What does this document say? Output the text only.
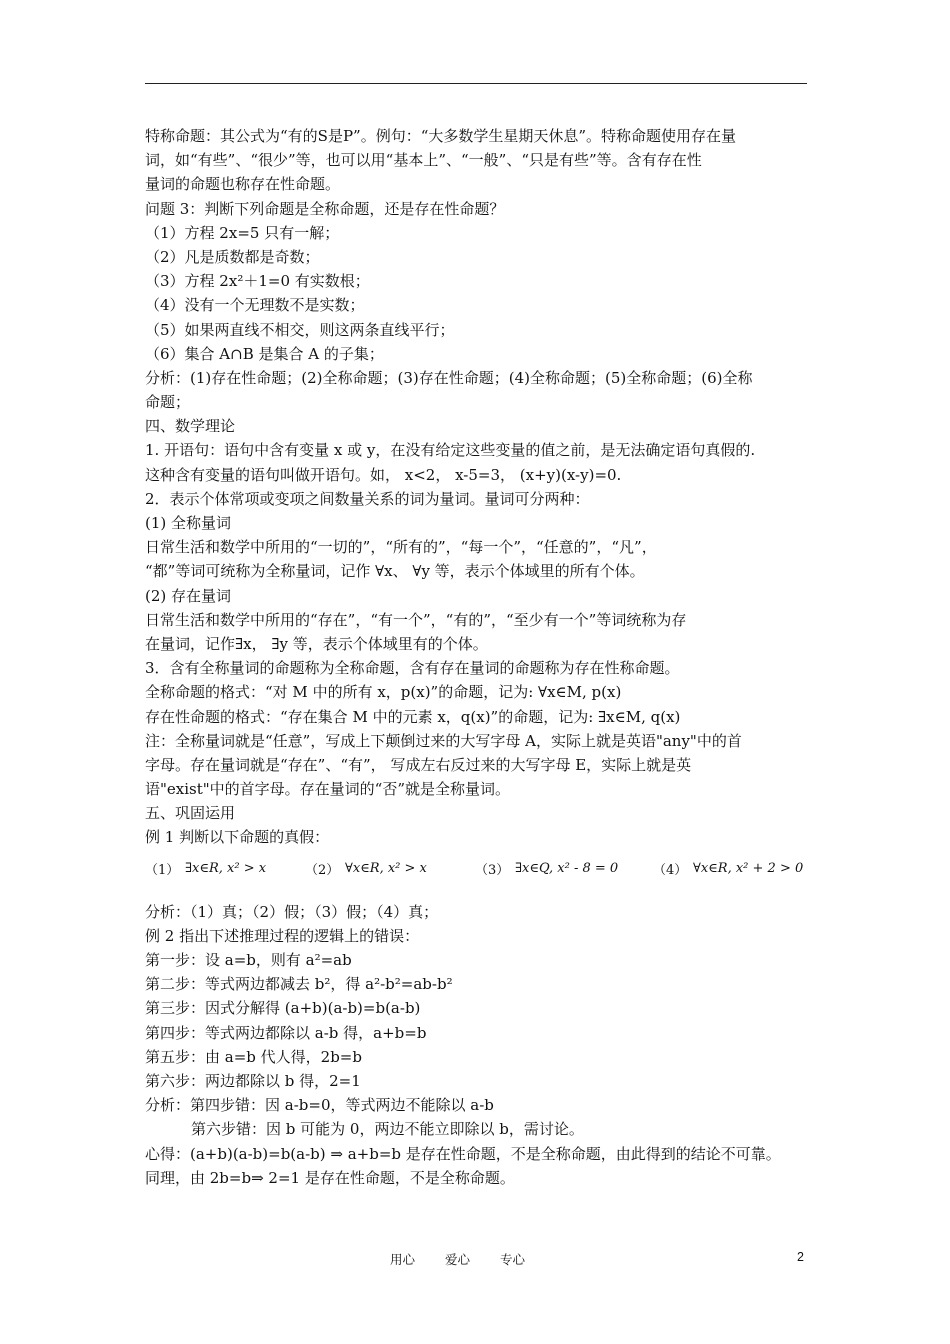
特称命题：其公式为“有的S是P”。例句：“大多数学生星期天休息”。特称命题使用存在量
词，如“有些”、“很少”等，也可以用“基本上”、“一般”、“只是有些”等。含有存在性
量词的命题也称存在性命题。
问题 3：判断下列命题是全称命题，还是存在性命题？
（1）方程 2x=5 只有一解；
（2）凡是质数都是奇数；
（3）方程 2x²＋1=0 有实数根；
（4）没有一个无理数不是实数；
（5）如果两直线不相交，则这两条直线平行；
（6）集合 A∩B 是集合 A 的子集；
分析：(1)存在性命题；(2)全称命题；(3)存在性命题；(4)全称命题；(5)全称命题；(6)全称
命题；
四、数学理论
1. 开语句：语句中含有变量 x 或 y，在没有给定这些变量的值之前，是无法确定语句真假的.
这种含有变量的语句叫做开语句。如， x<2， x-5=3， (x+y)(x-y)=0.
2．表示个体常项或变项之间数量关系的词为量词。量词可分两种：
(1) 全称量词
日常生活和数学中所用的“一切的”，“所有的”，“每一个”，“任意的”，“凡”，
“都”等词可统称为全称量词，记作 ∀x、 ∀y 等，表示个体域里的所有个体。
(2) 存在量词
日常生活和数学中所用的“存在”，“有一个”，“有的”，“至少有一个”等词统称为存
在量词，记作∃x， ∃y 等，表示个体域里有的个体。
3．含有全称量词的命题称为全称命题，含有存在量词的命题称为存在性称命题。
全称命题的格式：“对 M 中的所有 x，p(x)”的命题，记为: ∀x∈M, p(x)
存在性命题的格式：“存在集合 M 中的元素 x，q(x)”的命题，记为: ∃x∈M, q(x)
注：全称量词就是“任意”，写成上下颠倒过来的大写字母 A，实际上就是英语"any"中的首
字母。存在量词就是“存在”、“有”， 写成左右反过来的大写字母 E，实际上就是英
语"exist"中的首字母。存在量词的“否”就是全称量词。
五、巩固运用
例 1 判断以下命题的真假：
（1） ∃x∈R, x² > x	（2） ∀x∈R, x² > x	（3） ∃x∈Q, x² - 8 = 0	（4） ∀x∈R, x² + 2 > 0
分析：（1）真；（2）假；（3）假；（4）真；
例 2 指出下述推理过程的逻辑上的错误：
第一步：设 a=b，则有 a²=ab
第二步：等式两边都减去 b²，得 a²-b²=ab-b²
第三步：因式分解得 (a+b)(a-b)=b(a-b)
第四步：等式两边都除以 a-b 得，a+b=b
第五步：由 a=b 代人得，2b=b
第六步：两边都除以 b 得，2=1
分析：第四步错：因 a-b=0，等式两边不能除以 a-b
第六步错：因 b 可能为 0，两边不能立即除以 b，需讨论。
心得：(a+b)(a-b)=b(a-b) ⇒ a+b=b 是存在性命题，不是全称命题，由此得到的结论不可靠。
同理，由 2b=b⇒ 2=1 是存在性命题，不是全称命题。
用心 爱心 专心	2
